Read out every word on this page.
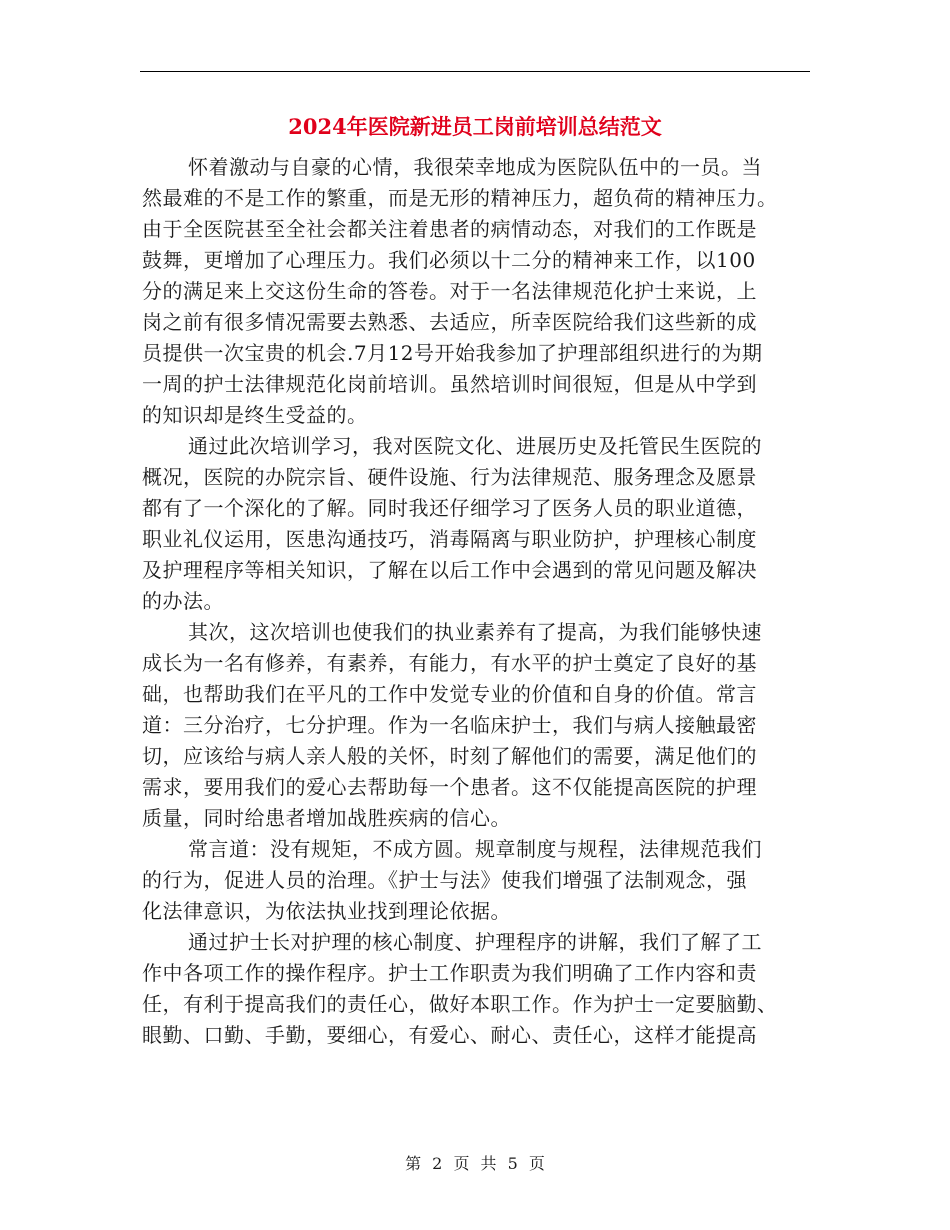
2024年医院新进员工岗前培训总结范文
怀着激动与自豪的心情，我很荣幸地成为医院队伍中的一员。当
然最难的不是工作的繁重，而是无形的精神压力，超负荷的精神压力。
由于全医院甚至全社会都关注着患者的病情动态，对我们的工作既是
鼓舞，更增加了心理压力。我们必须以十二分的精神来工作，以100
分的满足来上交这份生命的答卷。对于一名法律规范化护士来说，上
岗之前有很多情况需要去熟悉、去适应，所幸医院给我们这些新的成
员提供一次宝贵的机会.7月12号开始我参加了护理部组织进行的为期
一周的护士法律规范化岗前培训。虽然培训时间很短，但是从中学到
的知识却是终生受益的。
通过此次培训学习，我对医院文化、进展历史及托管民生医院的
概况，医院的办院宗旨、硬件设施、行为法律规范、服务理念及愿景
都有了一个深化的了解。同时我还仔细学习了医务人员的职业道德，
职业礼仪运用，医患沟通技巧，消毒隔离与职业防护，护理核心制度
及护理程序等相关知识，了解在以后工作中会遇到的常见问题及解决
的办法。
其次，这次培训也使我们的执业素养有了提高，为我们能够快速
成长为一名有修养，有素养，有能力，有水平的护士奠定了良好的基
础，也帮助我们在平凡的工作中发觉专业的价值和自身的价值。常言
道：三分治疗，七分护理。作为一名临床护士，我们与病人接触最密
切，应该给与病人亲人般的关怀，时刻了解他们的需要，满足他们的
需求，要用我们的爱心去帮助每一个患者。这不仅能提高医院的护理
质量，同时给患者增加战胜疾病的信心。
常言道：没有规矩，不成方圆。规章制度与规程，法律规范我们
的行为，促进人员的治理。《护士与法》使我们增强了法制观念，强
化法律意识，为依法执业找到理论依据。
通过护士长对护理的核心制度、护理程序的讲解，我们了解了工
作中各项工作的操作程序。护士工作职责为我们明确了工作内容和责
任，有利于提高我们的责任心，做好本职工作。作为护士一定要脑勤、
眼勤、口勤、手勤，要细心，有爱心、耐心、责任心，这样才能提高
第 2 页 共 5 页
